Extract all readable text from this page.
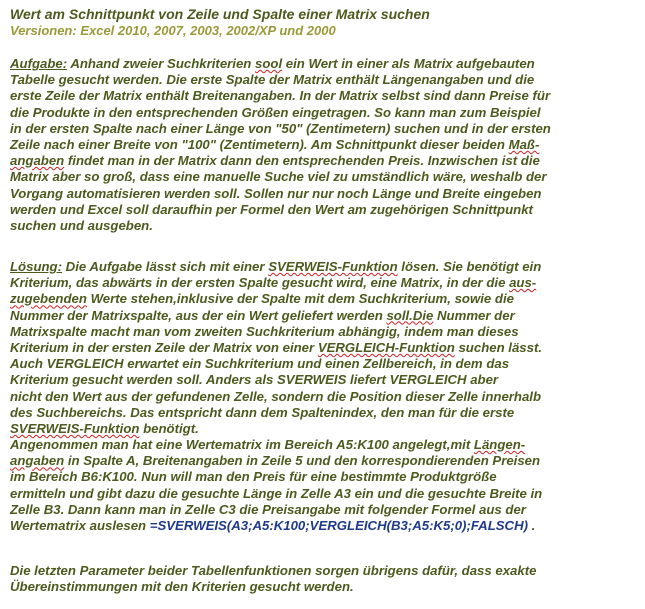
Wert am Schnittpunkt von Zeile und Spalte einer Matrix suchen
Versionen: Excel 2010, 2007, 2003, 2002/XP und 2000
Aufgabe: Anhand zweier Suchkriterien sool ein Wert in einer als Matrix aufgebauten
Tabelle gesucht werden. Die erste Spalte der Matrix enthält Längenangaben und die
erste Zeile der Matrix enthält Breitenangaben. In der Matrix selbst sind dann Preise für
die Produkte in den entsprechenden Größen eingetragen. So kann man zum Beispiel
in der ersten Spalte nach einer Länge von "50" (Zentimetern) suchen und in der ersten
Zeile nach einer Breite von "100" (Zentimetern). Am Schnittpunkt dieser beiden Maß-
angaben findet man in der Matrix dann den entsprechenden Preis. Inzwischen ist die
Matrix aber so groß, dass eine manuelle Suche viel zu umständlich wäre, weshalb der
Vorgang automatisieren werden soll. Sollen nur nur noch Länge und Breite eingeben
werden und Excel soll daraufhin per Formel den Wert am zugehörigen Schnittpunkt
suchen und ausgeben.
Lösung: Die Aufgabe lässt sich mit einer SVERWEIS-Funktion lösen. Sie benötigt ein
Kriterium, das abwärts in der ersten Spalte gesucht wird, eine Matrix, in der die aus-
zugebenden Werte stehen,inklusive der Spalte mit dem Suchkriterium, sowie die
Nummer der Matrixspalte, aus der ein Wert geliefert werden soll.Die Nummer der
Matrixspalte macht man vom zweiten Suchkriterium abhängig, indem man dieses
Kriterium in der ersten Zeile der Matrix von einer VERGLEICH-Funktion suchen lässt.
Auch VERGLEICH erwartet ein Suchkriterium und einen Zellbereich, in dem das
Kriterium gesucht werden soll. Anders als SVERWEIS liefert VERGLEICH aber
nicht den Wert aus der gefundenen Zelle, sondern die Position dieser Zelle innerhalb
des Suchbereichs. Das entspricht dann dem Spaltenindex, den man für die erste
SVERWEIS-Funktion benötigt.
Angenommen man hat eine Wertematrix im Bereich A5:K100 angelegt,mit Längen-
angaben in Spalte A, Breitenangaben in Zeile 5 und den korrespondierenden Preisen
im Bereich B6:K100. Nun will man den Preis für eine bestimmte Produktgröße
ermitteln und gibt dazu die gesuchte Länge in Zelle A3 ein und die gesuchte Breite in
Zelle B3. Dann kann man in Zelle C3 die Preisangabe mit folgender Formel aus der
Wertematrix auslesen =SVERWEIS(A3;A5:K100;VERGLEICH(B3;A5:K5;0);FALSCH) .
Die letzten Parameter beider Tabellenfunktionen sorgen übrigens dafür, dass exakte
Übereinstimmungen mit den Kriterien gesucht werden.
